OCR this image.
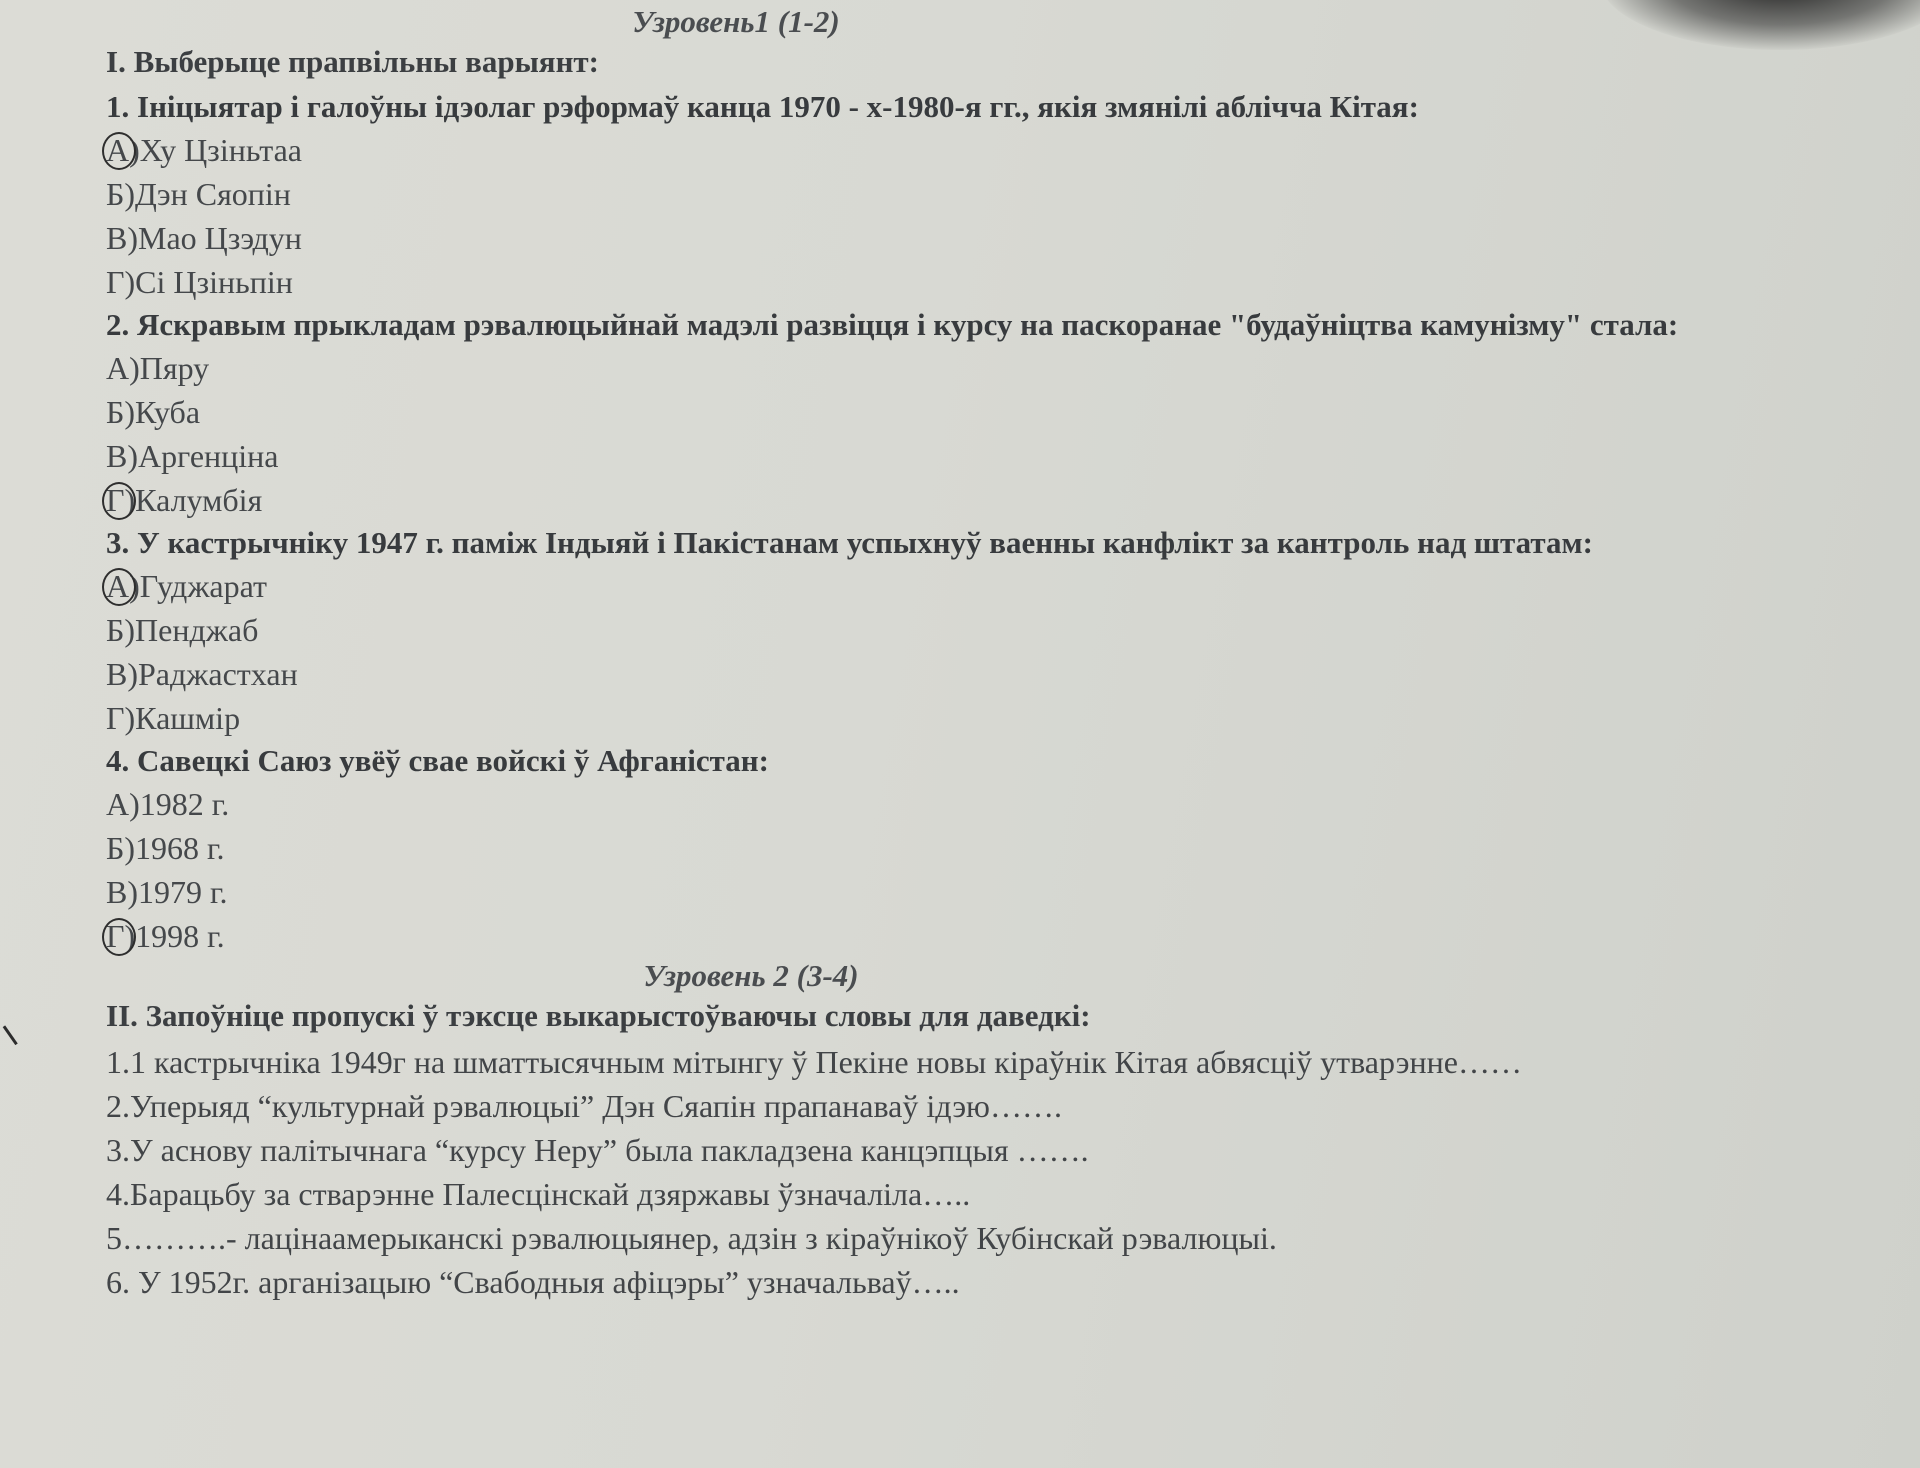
Узровень1 (1-2)

I. Выберыце прапвільны варыянт:

1. Ініцыятар і галоўны ідэолаг рэформаў канца 1970 - х-1980-я гг., якія змянілі аблічча Кітая:

А)Ху Цзіньтаа

Б)Дэн Сяопін

В)Мао Цзэдун

Г)Сі Цзіньпін

2. Яскравым прыкладам рэвалюцыйнай мадэлі развіцця і курсу на паскоранае "будаўніцтва камунізму" стала:

А)Пяру

Б)Куба

В)Аргенціна

Г)Калумбія

3. У кастрычніку 1947 г. паміж Індыяй і Пакістанам успыхнуў ваенны канфлікт за кантроль над штатам:

А)Гуджарат

Б)Пенджаб

В)Раджастхан

Г)Кашмір

4. Савецкі Саюз увёў свае войскі ў Афганістан:

А)1982 г.

Б)1968 г.

В)1979 г.

Г)1998 г.

Узровень 2 (3-4)

II. Запоўніце пропускі ў тэксце выкарыстоўваючы словы для даведкі:

1.1 кастрычніка 1949г на шматтысячным мітынгу ў Пекіне новы кіраўнік Кітая абвясціў утварэнне……

2.Уперыяд “культурнай рэвалюцыі” Дэн Сяапін прапанаваў ідэю…….

3.У аснову палітычнага “курсу Неру” была пакладзена канцэпцыя …….

4.Барацьбу за стварэнне Палесцінскай дзяржавы ўзначаліла…..

5……….- лацінаамерыканскі рэвалюцыянер, адзін з кіраўнікоў Кубінскай рэвалюцыі.

6. У 1952г. арганізацыю “Свабодныя афіцэры” узначальваў…..
